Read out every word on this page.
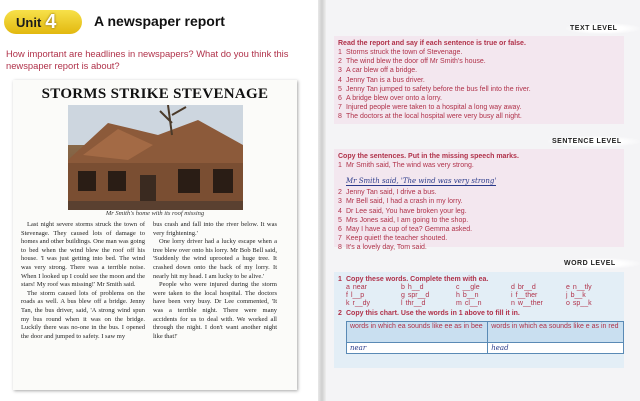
Unit 4	A newspaper report
How important are headlines in newspapers? What do you think this newspaper report is about?
STORMS STRIKE STEVENAGE
Mr Smith's home with its roof missing

Last night severe storms struck the town of Stevenage. They caused lots of damage to homes and other buildings. One man was going to bed when the wind blew the roof off his house. 'I was just getting into bed. The wind was very strong. There was a terrible noise. When I looked up I could see the moon and the stars! My roof was missing!' Mr Smith said.

The storm caused lots of problems on the roads as well. A bus blew off a bridge. Jenny Tan, the bus driver, said, 'A strong wind spun my bus round when it was on the bridge. Luckily there was no-one in the bus. I opened the door and jumped to safety. I saw my

bus crash and fall into the river below. It was very frightening.'

One lorry driver had a lucky escape when a tree blew over onto his lorry. Mr Bob Bell said, 'Suddenly the wind uprooted a huge tree. It crashed down onto the back of my lorry. It nearly hit my head. I am lucky to be alive.'

People who were injured during the storm were taken to the local hospital. The doctors have been very busy. Dr Lee commented, 'It was a terrible night. There were many accidents for us to deal with. We worked all through the night. I don't want another night like that!'

TEXT LEVEL
Read the report and say if each sentence is true or false.
1 Storms struck the town of Stevenage.
2 The wind blew the door off Mr Smith's house.
3 A car blew off a bridge.
4 Jenny Tan is a bus driver.
5 Jenny Tan jumped to safety before the bus fell into the river.
6 A bridge blew over onto a lorry.
7 Injured people were taken to a hospital a long way away.
8 The doctors at the local hospital were very busy all night.
SENTENCE LEVEL
Copy the sentences. Put in the missing speech marks.
1 Mr Smith said, The wind was very strong.
Mr Smith said, 'The wind was very strong'
2 Jenny Tan said, I drive a bus.
3 Mr Bell said, I had a crash in my lorry.
4 Dr Lee said, You have broken your leg.
5 Mrs Jones said, I am going to the shop.
6 May I have a cup of tea? Gemma asked.
7 Keep quiet! the teacher shouted.
8 It's a lovely day, Tom said.
WORD LEVEL
1 Copy these words. Complete them with ea.
a near	b h__d	c __gle	d br__d	e n__tly
f l__p	g spr__d	h b__n	i f__ther	j b__k
k r__dy	l thr__d	m cl__n	n w__ther	o sp__k
2 Copy this chart. Use the words in 1 above to fill it in.
words in which ea sounds like ee as in bee	words in which ea sounds like e as in red
near	head
